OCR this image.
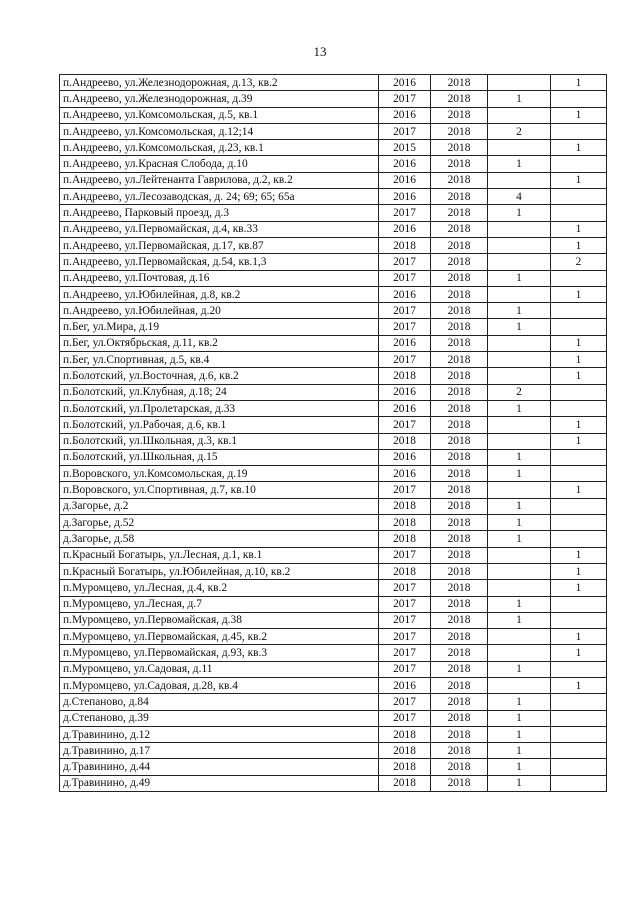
13
п.Андреево, ул.Железнодорожная, д.13, кв.2	2016	2018		1
п.Андреево, ул.Железнодорожная, д.39	2017	2018	1	
п.Андреево, ул.Комсомольская, д.5, кв.1	2016	2018		1
п.Андреево, ул.Комсомольская, д.12;14	2017	2018	2	
п.Андреево, ул.Комсомольская, д.23, кв.1	2015	2018		1
п.Андреево, ул.Красная Слобода, д.10	2016	2018	1	
п.Андреево, ул.Лейтенанта Гаврилова, д.2, кв.2	2016	2018		1
п.Андреево, ул.Лесозаводская, д. 24; 69; 65; 65а	2016	2018	4	
п.Андреево, Парковый проезд, д.3	2017	2018	1	
п.Андреево, ул.Первомайская, д.4, кв.33	2016	2018		1
п.Андреево, ул.Первомайская, д.17, кв.87	2018	2018		1
п.Андреево, ул.Первомайская, д.54, кв.1,3	2017	2018		2
п.Андреево, ул.Почтовая, д.16	2017	2018	1	
п.Андреево, ул.Юбилейная, д.8, кв.2	2016	2018		1
п.Андреево, ул.Юбилейная, д.20	2017	2018	1	
п.Бег, ул.Мира, д.19	2017	2018	1	
п.Бег, ул.Октябрьская, д.11, кв.2	2016	2018		1
п.Бег, ул.Спортивная, д.5, кв.4	2017	2018		1
п.Болотский, ул.Восточная, д.6, кв.2	2018	2018		1
п.Болотский, ул.Клубная, д.18; 24	2016	2018	2	
п.Болотский, ул.Пролетарская, д.33	2016	2018	1	
п.Болотский, ул.Рабочая, д.6, кв.1	2017	2018		1
п.Болотский, ул.Школьная, д.3, кв.1	2018	2018		1
п.Болотский, ул.Школьная, д.15	2016	2018	1	
п.Воровского, ул.Комсомольская, д.19	2016	2018	1	
п.Воровского, ул.Спортивная, д.7, кв.10	2017	2018		1
д.Загорье, д.2	2018	2018	1	
д.Загорье, д.52	2018	2018	1	
д.Загорье, д.58	2018	2018	1	
п.Красный Богатырь, ул.Лесная, д.1, кв.1	2017	2018		1
п.Красный Богатырь, ул.Юбилейная, д.10, кв.2	2018	2018		1
п.Муромцево, ул.Лесная, д.4, кв.2	2017	2018		1
п.Муромцево, ул.Лесная, д.7	2017	2018	1	
п.Муромцево, ул.Первомайская, д.38	2017	2018	1	
п.Муромцево, ул.Первомайская, д.45, кв.2	2017	2018		1
п.Муромцево, ул.Первомайская, д.93, кв.3	2017	2018		1
п.Муромцево, ул.Садовая, д.11	2017	2018	1	
п.Муромцево, ул.Садовая, д.28, кв.4	2016	2018		1
д.Степаново, д.84	2017	2018	1	
д.Степаново, д.39	2017	2018	1	
д.Травинино, д.12	2018	2018	1	
д.Травинино, д.17	2018	2018	1	
д.Травинино, д.44	2018	2018	1	
д.Травинино, д.49	2018	2018	1	
